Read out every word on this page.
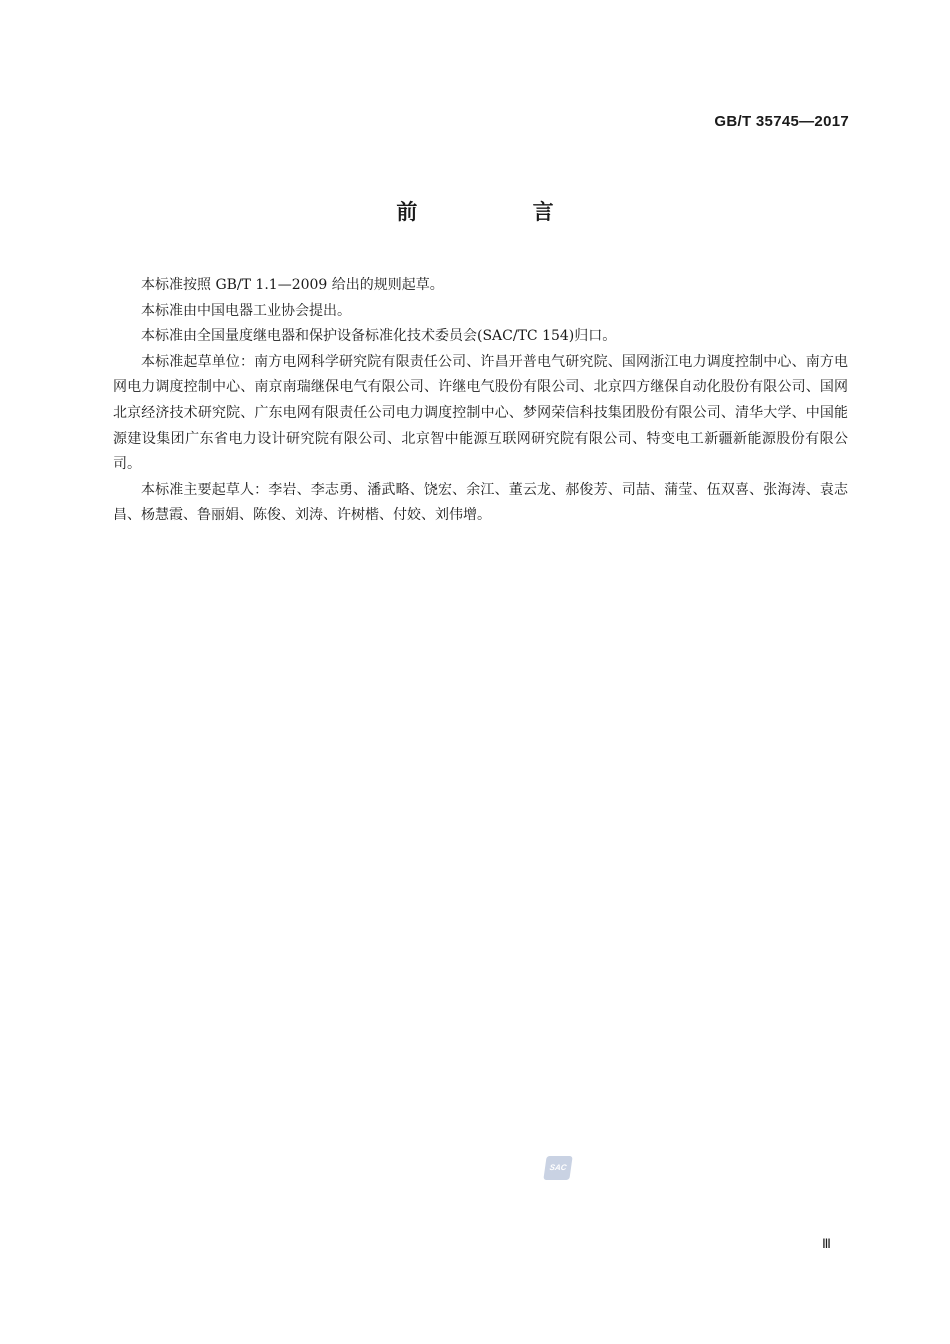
GB/T 35745—2017
前 言

本标准按照 GB/T 1.1—2009 给出的规则起草。

本标准由中国电器工业协会提出。

本标准由全国量度继电器和保护设备标准化技术委员会(SAC/TC 154)归口。

本标准起草单位：南方电网科学研究院有限责任公司、许昌开普电气研究院、国网浙江电力调度控制中心、南方电网电力调度控制中心、南京南瑞继保电气有限公司、许继电气股份有限公司、北京四方继保自动化股份有限公司、国网北京经济技术研究院、广东电网有限责任公司电力调度控制中心、梦网荣信科技集团股份有限公司、清华大学、中国能源建设集团广东省电力设计研究院有限公司、北京智中能源互联网研究院有限公司、特变电工新疆新能源股份有限公司。

本标准主要起草人：李岩、李志勇、潘武略、饶宏、余江、董云龙、郝俊芳、司喆、蒲莹、伍双喜、张海涛、袁志昌、杨慧霞、鲁丽娟、陈俊、刘涛、许树楷、付姣、刘伟增。

SAC
Ⅲ
